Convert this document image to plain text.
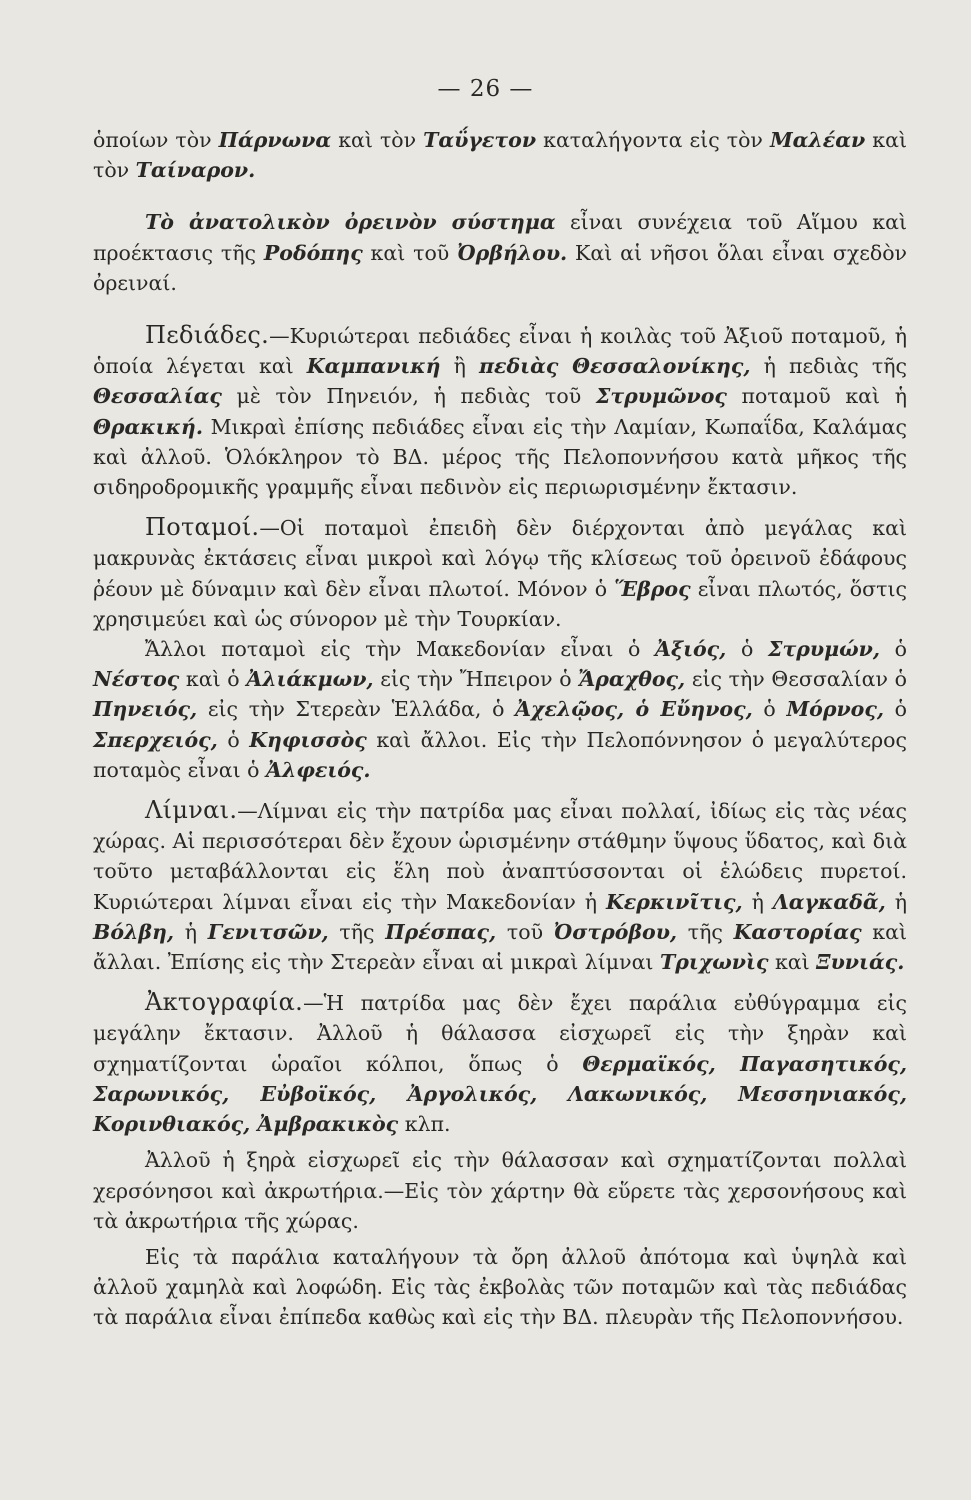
— 26 —

ὁποίων τὸν Πάρνωνα καὶ τὸν Ταΰγετον καταλήγοντα εἰς τὸν Μαλέαν καὶ τὸν Ταίναρον.

Τὸ ἀνατολικὸν ὀρεινὸν σύστημα εἶναι συνέχεια τοῦ Αἵμου καὶ προέκτασις τῆς Ροδόπης καὶ τοῦ Ὀρβήλου. Καὶ αἱ νῆσοι ὅλαι εἶναι σχεδὸν ὀρειναί.

Πεδιάδες.—Κυριώτεραι πεδιάδες εἶναι ἡ κοιλὰς τοῦ Ἀξιοῦ ποταμοῦ, ἡ ὁποία λέγεται καὶ Καμπανική ἢ πεδιὰς Θεσσαλονίκης, ἡ πεδιὰς τῆς Θεσσαλίας μὲ τὸν Πηνειόν, ἡ πεδιὰς τοῦ Στρυμῶνος ποταμοῦ καὶ ἡ Θρακική. Μικραὶ ἐπίσης πεδιάδες εἶναι εἰς τὴν Λαμίαν, Κωπαΐδα, Καλάμας καὶ ἀλλοῦ. Ὁλόκληρον τὸ ΒΔ. μέρος τῆς Πελοποννήσου κατὰ μῆκος τῆς σιδηροδρομικῆς γραμμῆς εἶναι πεδινὸν εἰς περιωρισμένην ἔκτασιν.

Ποταμοί.—Οἱ ποταμοὶ ἐπειδὴ δὲν διέρχονται ἀπὸ μεγάλας καὶ μακρυνὰς ἐκτάσεις εἶναι μικροὶ καὶ λόγῳ τῆς κλίσεως τοῦ ὀρεινοῦ ἐδάφους ῥέουν μὲ δύναμιν καὶ δὲν εἶναι πλωτοί. Μόνον ὁ Ἕβρος εἶναι πλωτός, ὅστις χρησιμεύει καὶ ὡς σύνορον μὲ τὴν Τουρκίαν.

Ἄλλοι ποταμοὶ εἰς τὴν Μακεδονίαν εἶναι ὁ Ἀξιός, ὁ Στρυμών, ὁ Νέστος καὶ ὁ Ἀλιάκμων, εἰς τὴν Ἤπειρον ὁ Ἄραχθος, εἰς τὴν Θεσσαλίαν ὁ Πηνειός, εἰς τὴν Στερεὰν Ἑλλάδα, ὁ Ἀχελῷος, ὁ Εὔηνος, ὁ Μόρνος, ὁ Σπερχειός, ὁ Κηφισσὸς καὶ ἄλλοι. Εἰς τὴν Πελοπόννησον ὁ μεγαλύτερος ποταμὸς εἶναι ὁ Ἀλφειός.

Λίμναι.—Λίμναι εἰς τὴν πατρίδα μας εἶναι πολλαί, ἰδίως εἰς τὰς νέας χώρας. Αἱ περισσότεραι δὲν ἔχουν ὡρισμένην στάθμην ὕψους ὕδατος, καὶ διὰ τοῦτο μεταβάλλονται εἰς ἕλη ποὺ ἀναπτύσσονται οἱ ἑλώδεις πυρετοί. Κυριώτεραι λίμναι εἶναι εἰς τὴν Μακεδονίαν ἡ Κερκινῖτις, ἡ Λαγκαδᾶ, ἡ Βόλβη, ἡ Γενιτσῶν, τῆς Πρέσπας, τοῦ Ὀστρόβου, τῆς Καστορίας καὶ ἄλλαι. Ἐπίσης εἰς τὴν Στερεὰν εἶναι αἱ μικραὶ λίμναι Τριχωνὶς καὶ Ξυνιάς.

Ἀκτογραφία.—Ἡ πατρίδα μας δὲν ἔχει παράλια εὐθύγραμμα εἰς μεγάλην ἔκτασιν. Ἀλλοῦ ἡ θάλασσα εἰσχωρεῖ εἰς τὴν ξηρὰν καὶ σχηματίζονται ὡραῖοι κόλποι, ὅπως ὁ Θερμαϊκός, Παγασητικός, Σαρωνικός, Εὐβοϊκός, Ἀργολικός, Λακωνικός, Μεσσηνιακός, Κορινθιακός, Ἀμβρακικὸς κλπ.

Ἀλλοῦ ἡ ξηρὰ εἰσχωρεῖ εἰς τὴν θάλασσαν καὶ σχηματίζονται πολλαὶ χερσόνησοι καὶ ἀκρωτήρια.—Εἰς τὸν χάρτην θὰ εὕρετε τὰς χερσονήσους καὶ τὰ ἀκρωτήρια τῆς χώρας.

Εἰς τὰ παράλια καταλήγουν τὰ ὄρη ἀλλοῦ ἀπότομα καὶ ὑψηλὰ καὶ ἀλλοῦ χαμηλὰ καὶ λοφώδη. Εἰς τὰς ἐκβολὰς τῶν ποταμῶν καὶ τὰς πεδιάδας τὰ παράλια εἶναι ἐπίπεδα καθὼς καὶ εἰς τὴν ΒΔ. πλευρὰν τῆς Πελοποννήσου.
